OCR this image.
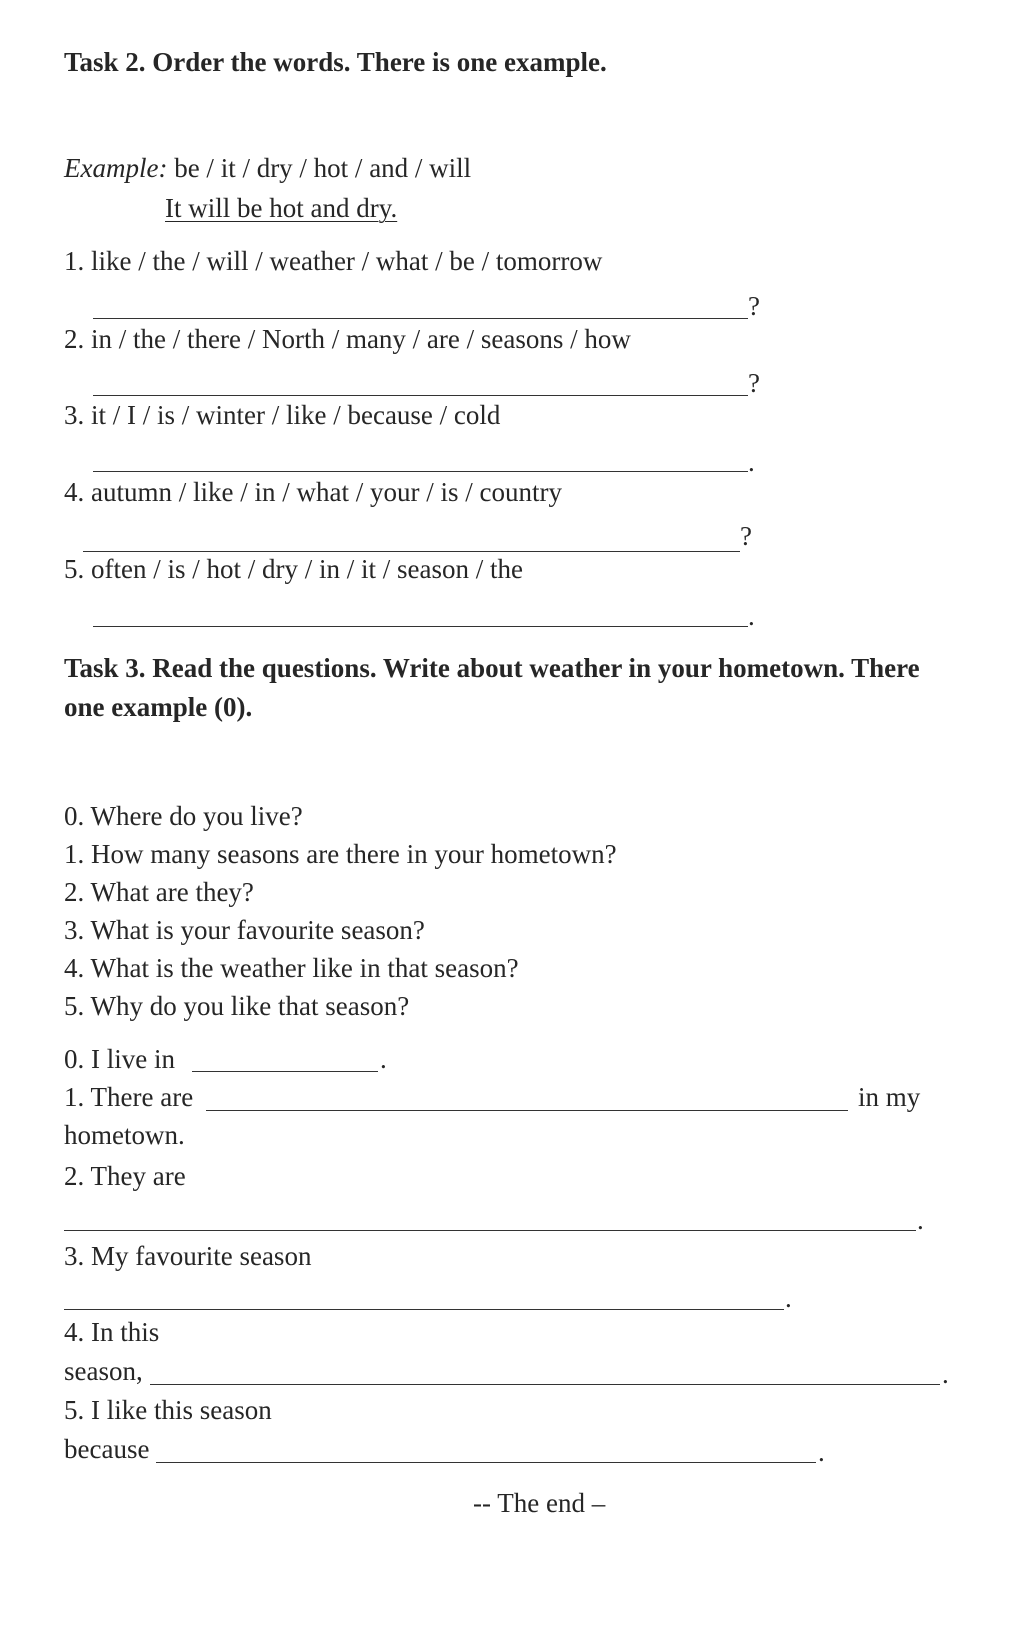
Task 2. Order the words. There is one example.
Example: be / it / dry / hot / and / will
It will be hot and dry.
1. like / the / will / weather / what / be / tomorrow
?
2. in / the / there / North / many / are / seasons / how
?
3. it / I / is / winter / like / because / cold
.
4. autumn / like / in / what / your / is / country
?
5. often / is / hot / dry / in / it / season / the
.
Task 3. Read the questions. Write about weather in your hometown. There
one example (0).
0. Where do you live?
1. How many seasons are there in your hometown?
2. What are they?
3. What is your favourite season?
4. What is the weather like in that season?
5. Why do you like that season?
0. I live in	.
1. There are	in my
hometown.
2. They are
.
3. My favourite season
.
4. In this
season,	.
5. I like this season
because	.
-- The end –
